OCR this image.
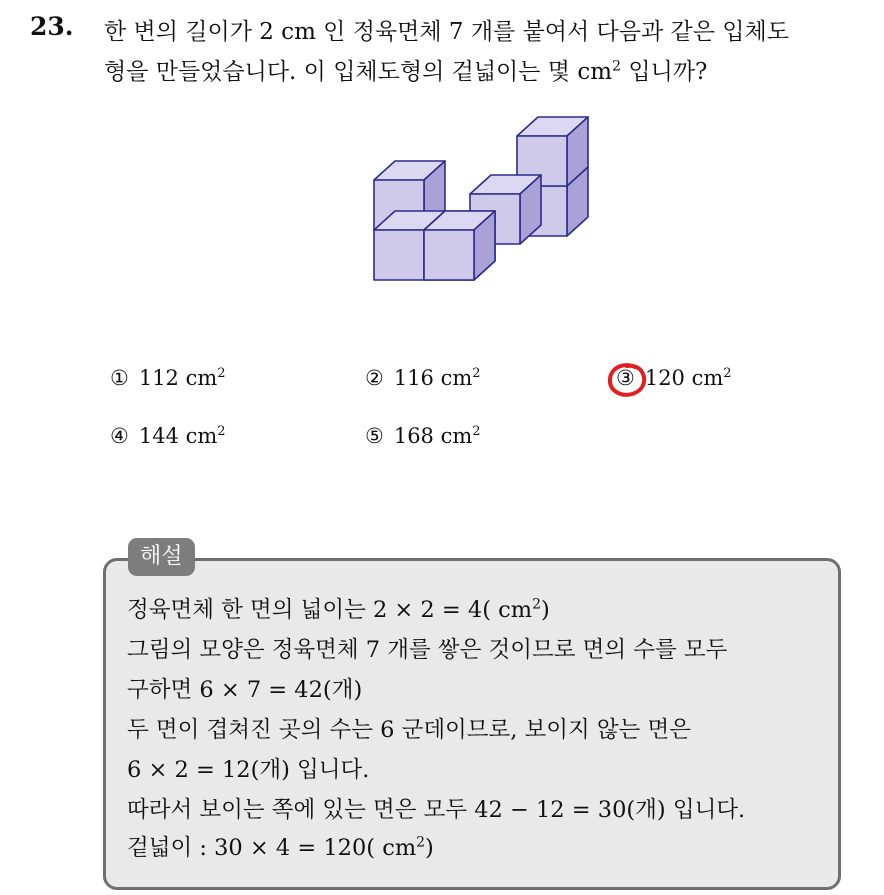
23. 한 변의 길이가 2 cm 인 정육면체 7 개를 붙여서 다음과 같은 입체도
형을 만들었습니다. 이 입체도형의 겉넓이는 몇 $cm^2$ 입니까?
① 112 $cm^2$	② 116 $cm^2$	③ 120 $cm^2$
④ 144 $cm^2$	⑤ 168 $cm^2$
해설
정육면체 한 면의 넓이는 2 × 2 = 4( $cm^2$)
그림의 모양은 정육면체 7 개를 쌓은 것이므로 면의 수를 모두
구하면 6 × 7 = 42(개)
두 면이 겹쳐진 곳의 수는 6 군데이므로, 보이지 않는 면은
6 × 2 = 12(개) 입니다.
따라서 보이는 쪽에 있는 면은 모두 42 − 12 = 30(개) 입니다.
겉넓이 : 30 × 4 = 120( $cm^2$)
